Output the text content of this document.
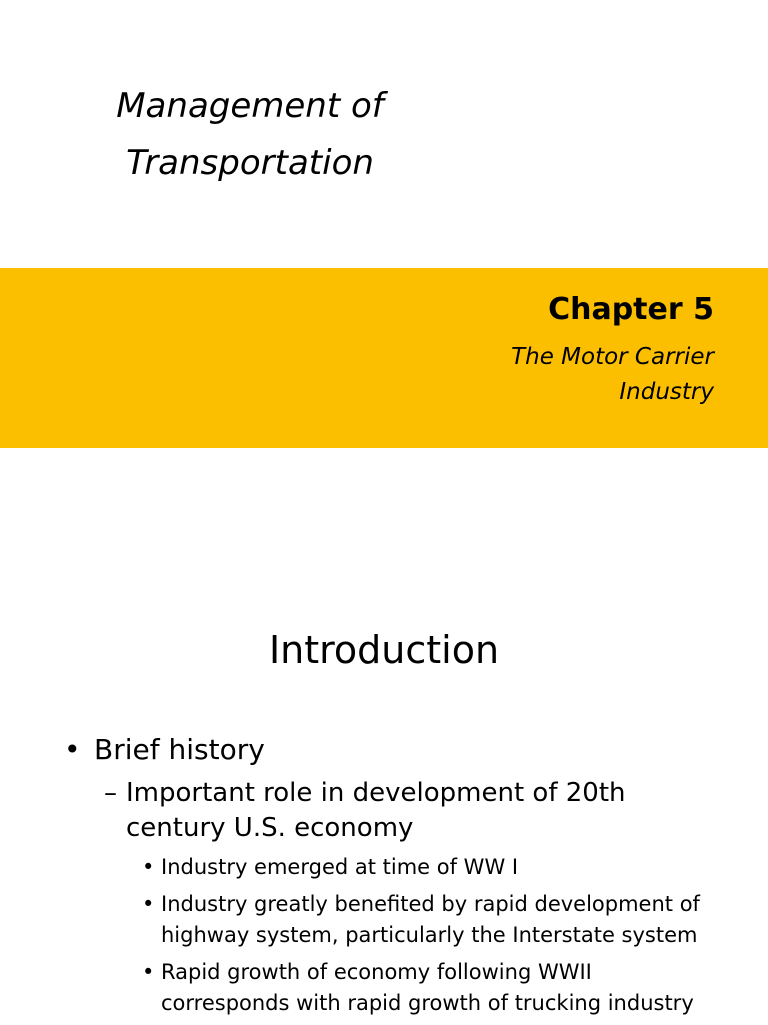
Management of
Transportation
Chapter 5
The Motor Carrier
Industry
Introduction
• Brief history
– Important role in development of 20th century U.S. economy
• Industry emerged at time of WW I
• Industry greatly benefited by rapid development of highway system, particularly the Interstate system
• Rapid growth of economy following WWII corresponds with rapid growth of trucking industry
